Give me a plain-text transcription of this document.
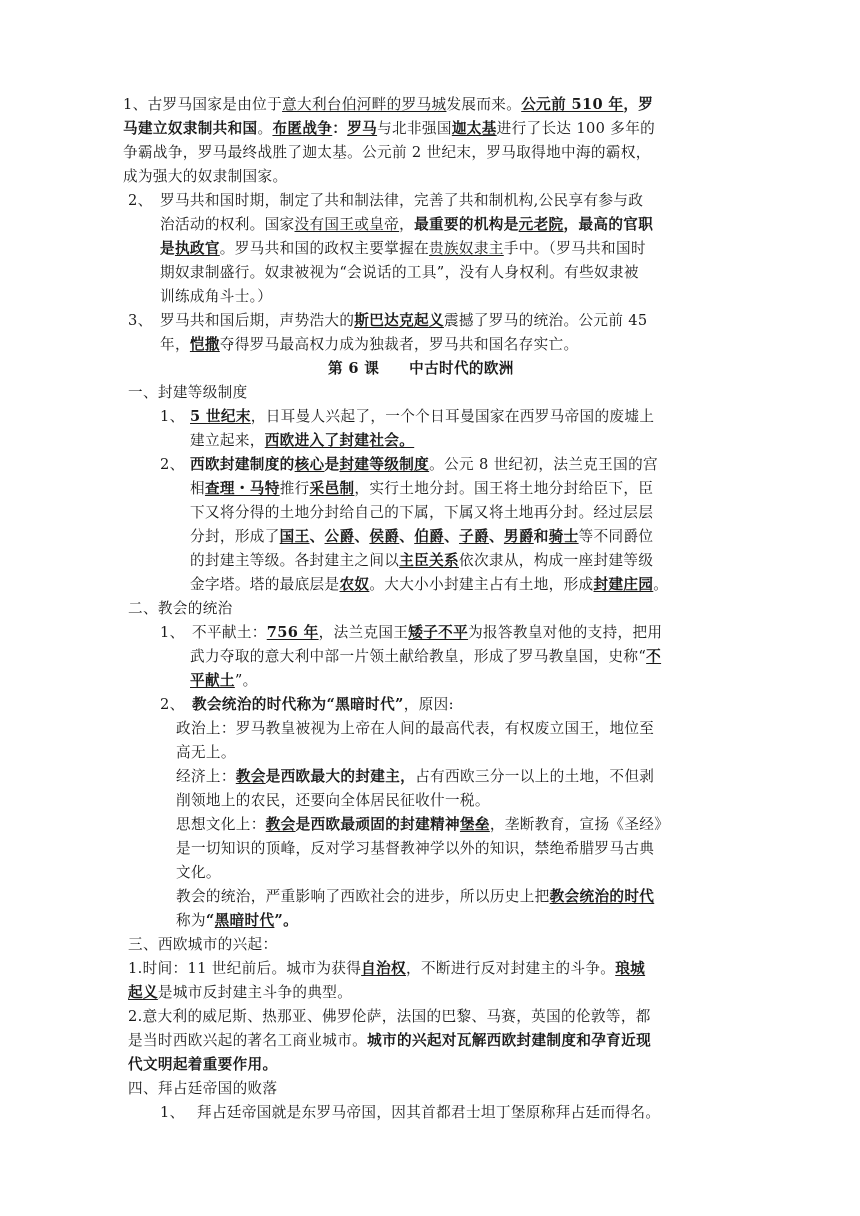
1、古罗马国家是由位于意大利台伯河畔的罗马城发展而来。公元前 510 年，罗
马建立奴隶制共和国。布匿战争：罗马与北非强国迦太基进行了长达 100 多年的
争霸战争，罗马最终战胜了迦太基。公元前 2 世纪末，罗马取得地中海的霸权，
成为强大的奴隶制国家。
2、 罗马共和国时期，制定了共和制法律，完善了共和制机构,公民享有参与政
治活动的权利。国家没有国王或皇帝，最重要的机构是元老院，最高的官职
是执政官。罗马共和国的政权主要掌握在贵族奴隶主手中。（罗马共和国时
期奴隶制盛行。奴隶被视为“会说话的工具”，没有人身权利。有些奴隶被
训练成角斗士。）
3、 罗马共和国后期，声势浩大的斯巴达克起义震撼了罗马的统治。公元前 45
年，恺撒夺得罗马最高权力成为独裁者，罗马共和国名存实亡。
第 6 课　　中古时代的欧洲
一、封建等级制度
1、 5 世纪末，日耳曼人兴起了，一个个日耳曼国家在西罗马帝国的废墟上
建立起来，西欧进入了封建社会。
2、 西欧封建制度的核心是封建等级制度。公元 8 世纪初，法兰克王国的宫
相查理・马特推行采邑制，实行土地分封。国王将土地分封给臣下，臣
下又将分得的土地分封给自己的下属，下属又将土地再分封。经过层层
分封，形成了国王、公爵、侯爵、伯爵、子爵、男爵和骑士等不同爵位
的封建主等级。各封建主之间以主臣关系依次隶从，构成一座封建等级
金字塔。塔的最底层是农奴。大大小小封建主占有土地，形成封建庄园。
二、教会的统治
1、 不平献土：756 年，法兰克国王矮子不平为报答教皇对他的支持，把用
武力夺取的意大利中部一片领土献给教皇，形成了罗马教皇国，史称“不
平献土”。
2、 教会统治的时代称为“黑暗时代”，原因:
政治上：罗马教皇被视为上帝在人间的最高代表，有权废立国王，地位至
高无上。
经济上：教会是西欧最大的封建主，占有西欧三分一以上的土地，不但剥
削领地上的农民，还要向全体居民征收什一税。
思想文化上：教会是西欧最顽固的封建精神堡垒，垄断教育，宣扬《圣经》
是一切知识的顶峰，反对学习基督教神学以外的知识，禁绝希腊罗马古典
文化。
教会的统治，严重影响了西欧社会的进步，所以历史上把教会统治的时代
称为“黑暗时代”。
三、西欧城市的兴起：
1.时间：11 世纪前后。城市为获得自治权，不断进行反对封建主的斗争。琅城
起义是城市反封建主斗争的典型。
2.意大利的威尼斯、热那亚、佛罗伦萨，法国的巴黎、马赛，英国的伦敦等，都
是当时西欧兴起的著名工商业城市。城市的兴起对瓦解西欧封建制度和孕育近现
代文明起着重要作用。
四、拜占廷帝国的败落
1、 拜占廷帝国就是东罗马帝国，因其首都君士坦丁堡原称拜占廷而得名。
